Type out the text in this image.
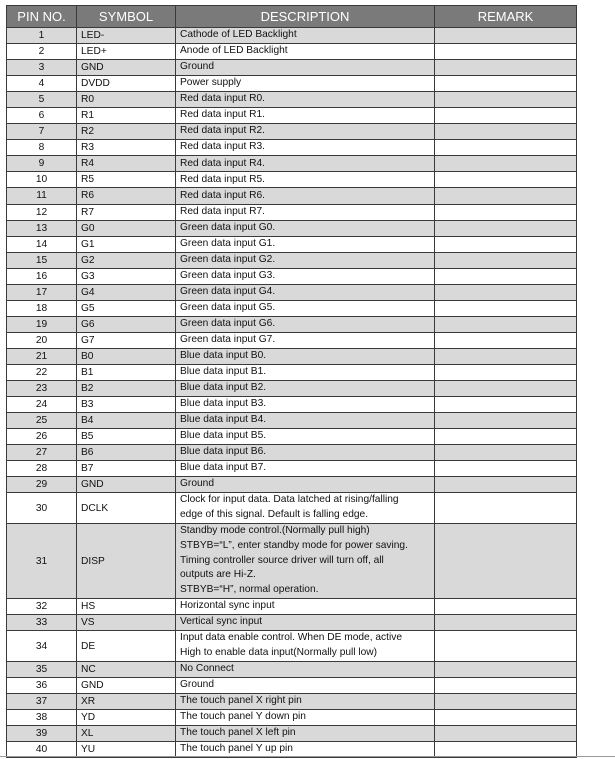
PIN NO.	SYMBOL	DESCRIPTION	REMARK
1	LED-	Cathode of LED Backlight	

2	LED+	Anode of LED Backlight	

3	GND	Ground	

4	DVDD	Power supply	

5	R0	Red data input R0.	

6	R1	Red data input R1.	

7	R2	Red data input R2.	

8	R3	Red data input R3.	

9	R4	Red data input R4.	

10	R5	Red data input R5.	

11	R6	Red data input R6.	

12	R7	Red data input R7.	

13	G0	Green data input G0.	

14	G1	Green data input G1.	

15	G2	Green data input G2.	

16	G3	Green data input G3.	

17	G4	Green data input G4.	

18	G5	Green data input G5.	

19	G6	Green data input G6.	

20	G7	Green data input G7.	

21	B0	Blue data input B0.	

22	B1	Blue data input B1.	

23	B2	Blue data input B2.	

24	B3	Blue data input B3.	

25	B4	Blue data input B4.	

26	B5	Blue data input B5.	

27	B6	Blue data input B6.	

28	B7	Blue data input B7.	

29	GND	Ground	

30	DCLK	Clock for input data. Data latched at rising/falling
edge of this signal. Default is falling edge.	

31	DISP	Standby mode control.(Normally pull high)
STBYB=“L”, enter standby mode for power saving.
Timing controller source driver will turn off, all
outputs are Hi-Z.
STBYB=“H”, normal operation.	

32	HS	Horizontal sync input	

33	VS	Vertical sync input	

34	DE	Input data enable control. When DE mode, active
High to enable data input(Normally pull low)	

35	NC	No Connect	

36	GND	Ground	

37	XR	The touch panel X right pin	

38	YD	The touch panel Y down pin	

39	XL	The touch panel X left pin	

40	YU	The touch panel Y up pin	
